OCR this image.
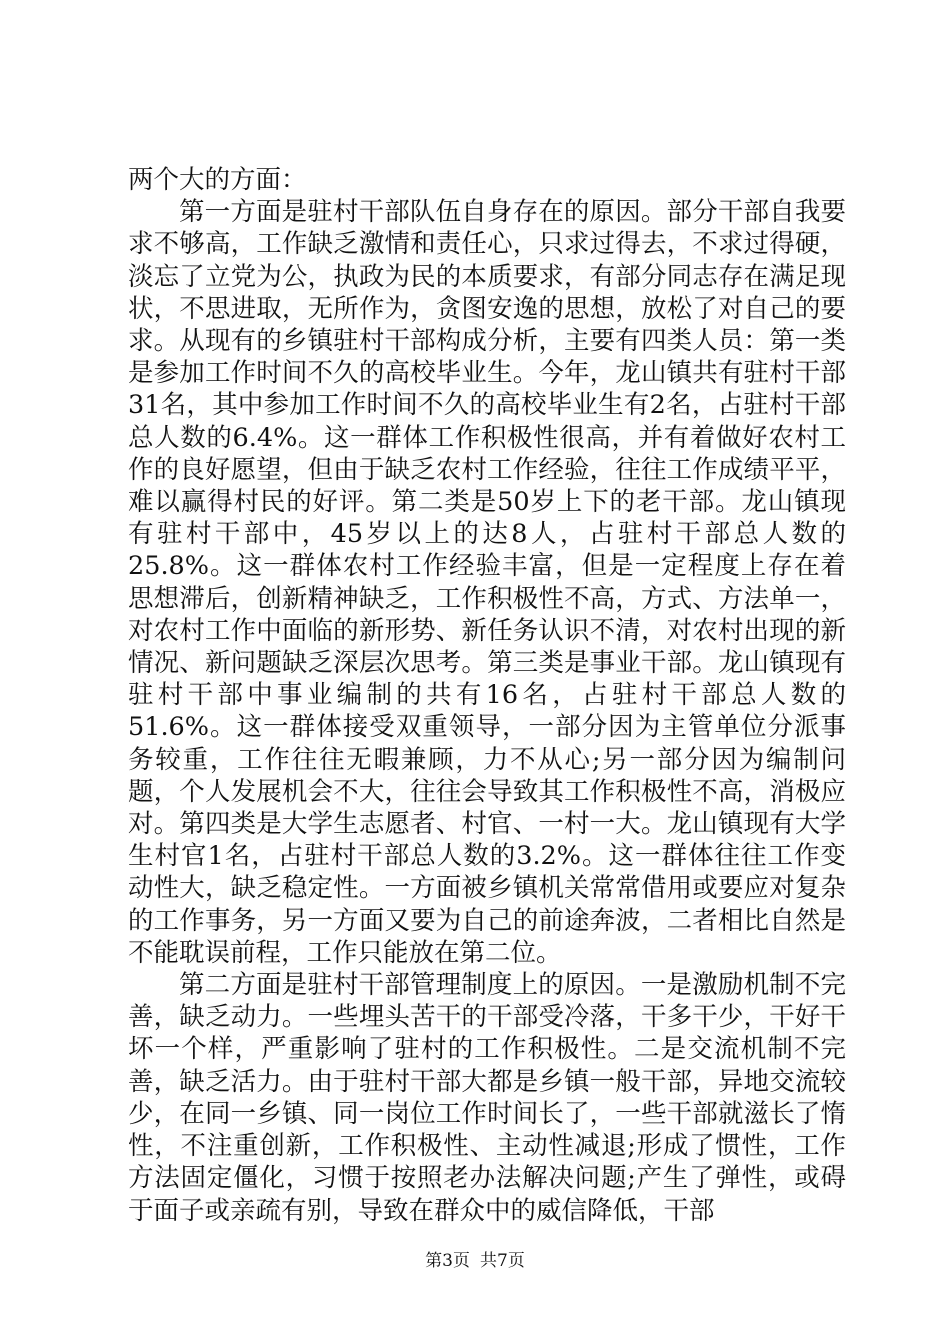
两个大的方面：

第一方面是驻村干部队伍自身存在的原因。部分干部自我要求不够高，工作缺乏激情和责任心，只求过得去，不求过得硬，淡忘了立党为公，执政为民的本质要求，有部分同志存在满足现状，不思进取，无所作为，贪图安逸的思想，放松了对自己的要求。从现有的乡镇驻村干部构成分析，主要有四类人员：第一类是参加工作时间不久的高校毕业生。今年，龙山镇共有驻村干部31名，其中参加工作时间不久的高校毕业生有2名，占驻村干部总人数的6.4%。这一群体工作积极性很高，并有着做好农村工作的良好愿望，但由于缺乏农村工作经验，往往工作成绩平平，难以赢得村民的好评。第二类是50岁上下的老干部。龙山镇现有驻村干部中，45岁以上的达8人，占驻村干部总人数的25.8%。这一群体农村工作经验丰富，但是一定程度上存在着思想滞后，创新精神缺乏，工作积极性不高，方式、方法单一，对农村工作中面临的新形势、新任务认识不清，对农村出现的新情况、新问题缺乏深层次思考。第三类是事业干部。龙山镇现有驻村干部中事业编制的共有16名，占驻村干部总人数的51.6%。这一群体接受双重领导，一部分因为主管单位分派事务较重，工作往往无暇兼顾，力不从心;另一部分因为编制问题，个人发展机会不大，往往会导致其工作积极性不高，消极应对。第四类是大学生志愿者、村官、一村一大。龙山镇现有大学生村官1名，占驻村干部总人数的3.2%。这一群体往往工作变动性大，缺乏稳定性。一方面被乡镇机关常常借用或要应对复杂的工作事务，另一方面又要为自己的前途奔波，二者相比自然是不能耽误前程，工作只能放在第二位。

第二方面是驻村干部管理制度上的原因。一是激励机制不完善，缺乏动力。一些埋头苦干的干部受冷落，干多干少，干好干坏一个样，严重影响了驻村的工作积极性。二是交流机制不完善，缺乏活力。由于驻村干部大都是乡镇一般干部，异地交流较少，在同一乡镇、同一岗位工作时间长了，一些干部就滋长了惰性，不注重创新，工作积极性、主动性减退;形成了惯性，工作方法固定僵化，习惯于按照老办法解决问题;产生了弹性，或碍于面子或亲疏有别，导致在群众中的威信降低，干部

第3页 共7页
